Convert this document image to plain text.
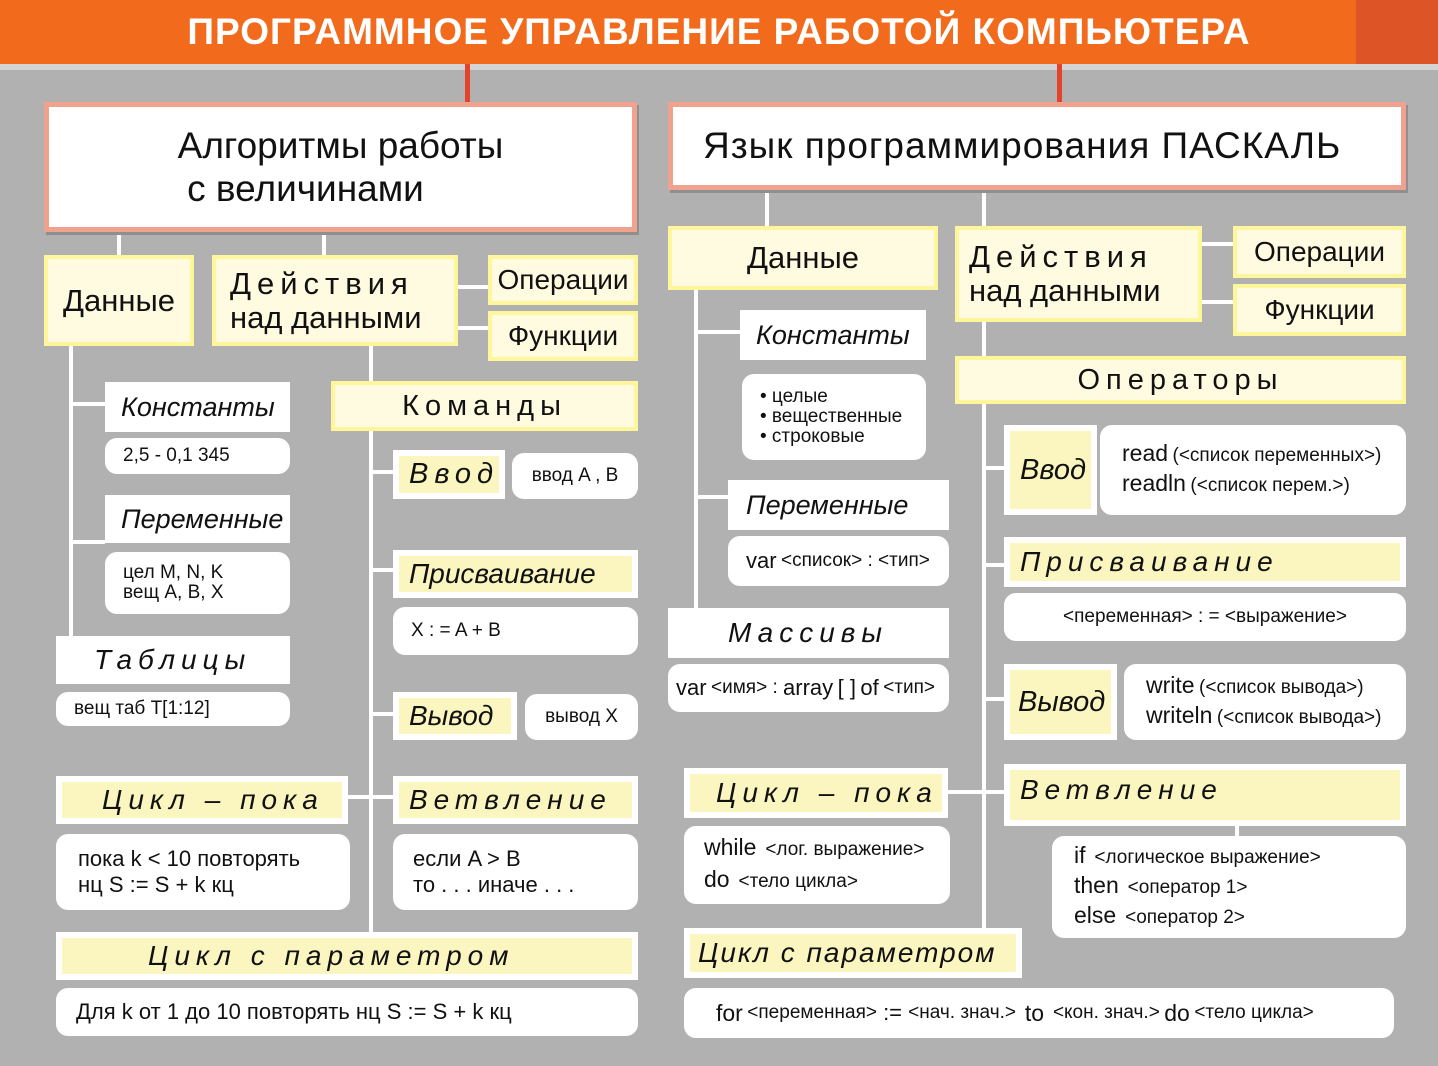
ПРОГРАММНОЕ УПРАВЛЕНИЕ РАБОТОЙ КОМПЬЮТЕРА
Алгоритмы работы
с величинами
Данные Действия
над данными
Операции
Функции
Константы
2,5 - 0,1 345
Переменные
цел M, N, K
вещ A, B, X
Таблицы
вещ таб T[1:12]
Команды
Ввод ввод A , B
Присваивание
X : = A + B
Вывод	вывод X
Цикл – пока
пока k < 10 повторять
нц S := S + k кц
Ветвление
если A > B
то . . . иначе . . .
Цикл с параметром
Для k от 1 до 10 повторять нц S := S + k кц
Язык программирования ПАСКАЛЬ
Данные
Константы
• целые
• вещественные
• строковые
Переменные
var
<список> : <тип>
Массивы
var
<имя> : array
[ ]
of
<тип>
Действия
над данными
Операции
Функции
Операторы
Ввод
read (<список переменных>)
readln (<список перем.>)
Присваивание
<переменная> : = <выражение>
Вывод
write (<список вывода>)
writeln (<список вывода>)
Цикл – пока
while <лог. выражение>
do <тело цикла>
Ветвление
if <логическое выражение>
then <оператор 1>
else <оператор 2>
Цикл с параметром
for
<переменная> := <нач. знач.>
to
<кон. знач.>
do
<тело цикла>
